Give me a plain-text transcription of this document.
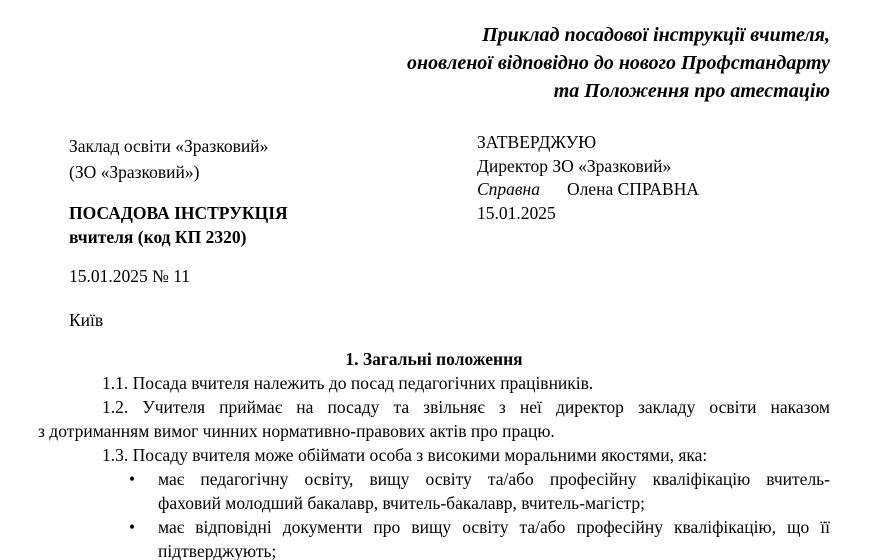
Приклад посадової інструкції вчителя,
оновленої відповідно до нового Профстандарту
та Положення про атестацію
Заклад освіти «Зразковий»
(ЗО «Зразковий»)
ПОСАДОВА ІНСТРУКЦІЯ
вчителя (код КП 2320)
15.01.2025 № 11
Київ
ЗАТВЕРДЖУЮ
Директор ЗО «Зразковий»
Справна Олена СПРАВНА
15.01.2025

1. Загальні положення

1.1. Посада вчителя належить до посад педагогічних працівників.
1.2. Учителя приймає на посаду та звільняє з неї директор закладу освіти наказом
з дотриманням вимог чинних нормативно-правових актів про працю.
1.3. Посаду вчителя може обіймати особа з високими моральними якостями, яка:
• має педагогічну освіту, вищу освіту та/або професійну кваліфікацію вчитель-
фаховий молодший бакалавр, вчитель-бакалавр, вчитель-магістр;
• має відповідні документи про вищу освіту та/або професійну кваліфікацію, що її
підтверджують;
